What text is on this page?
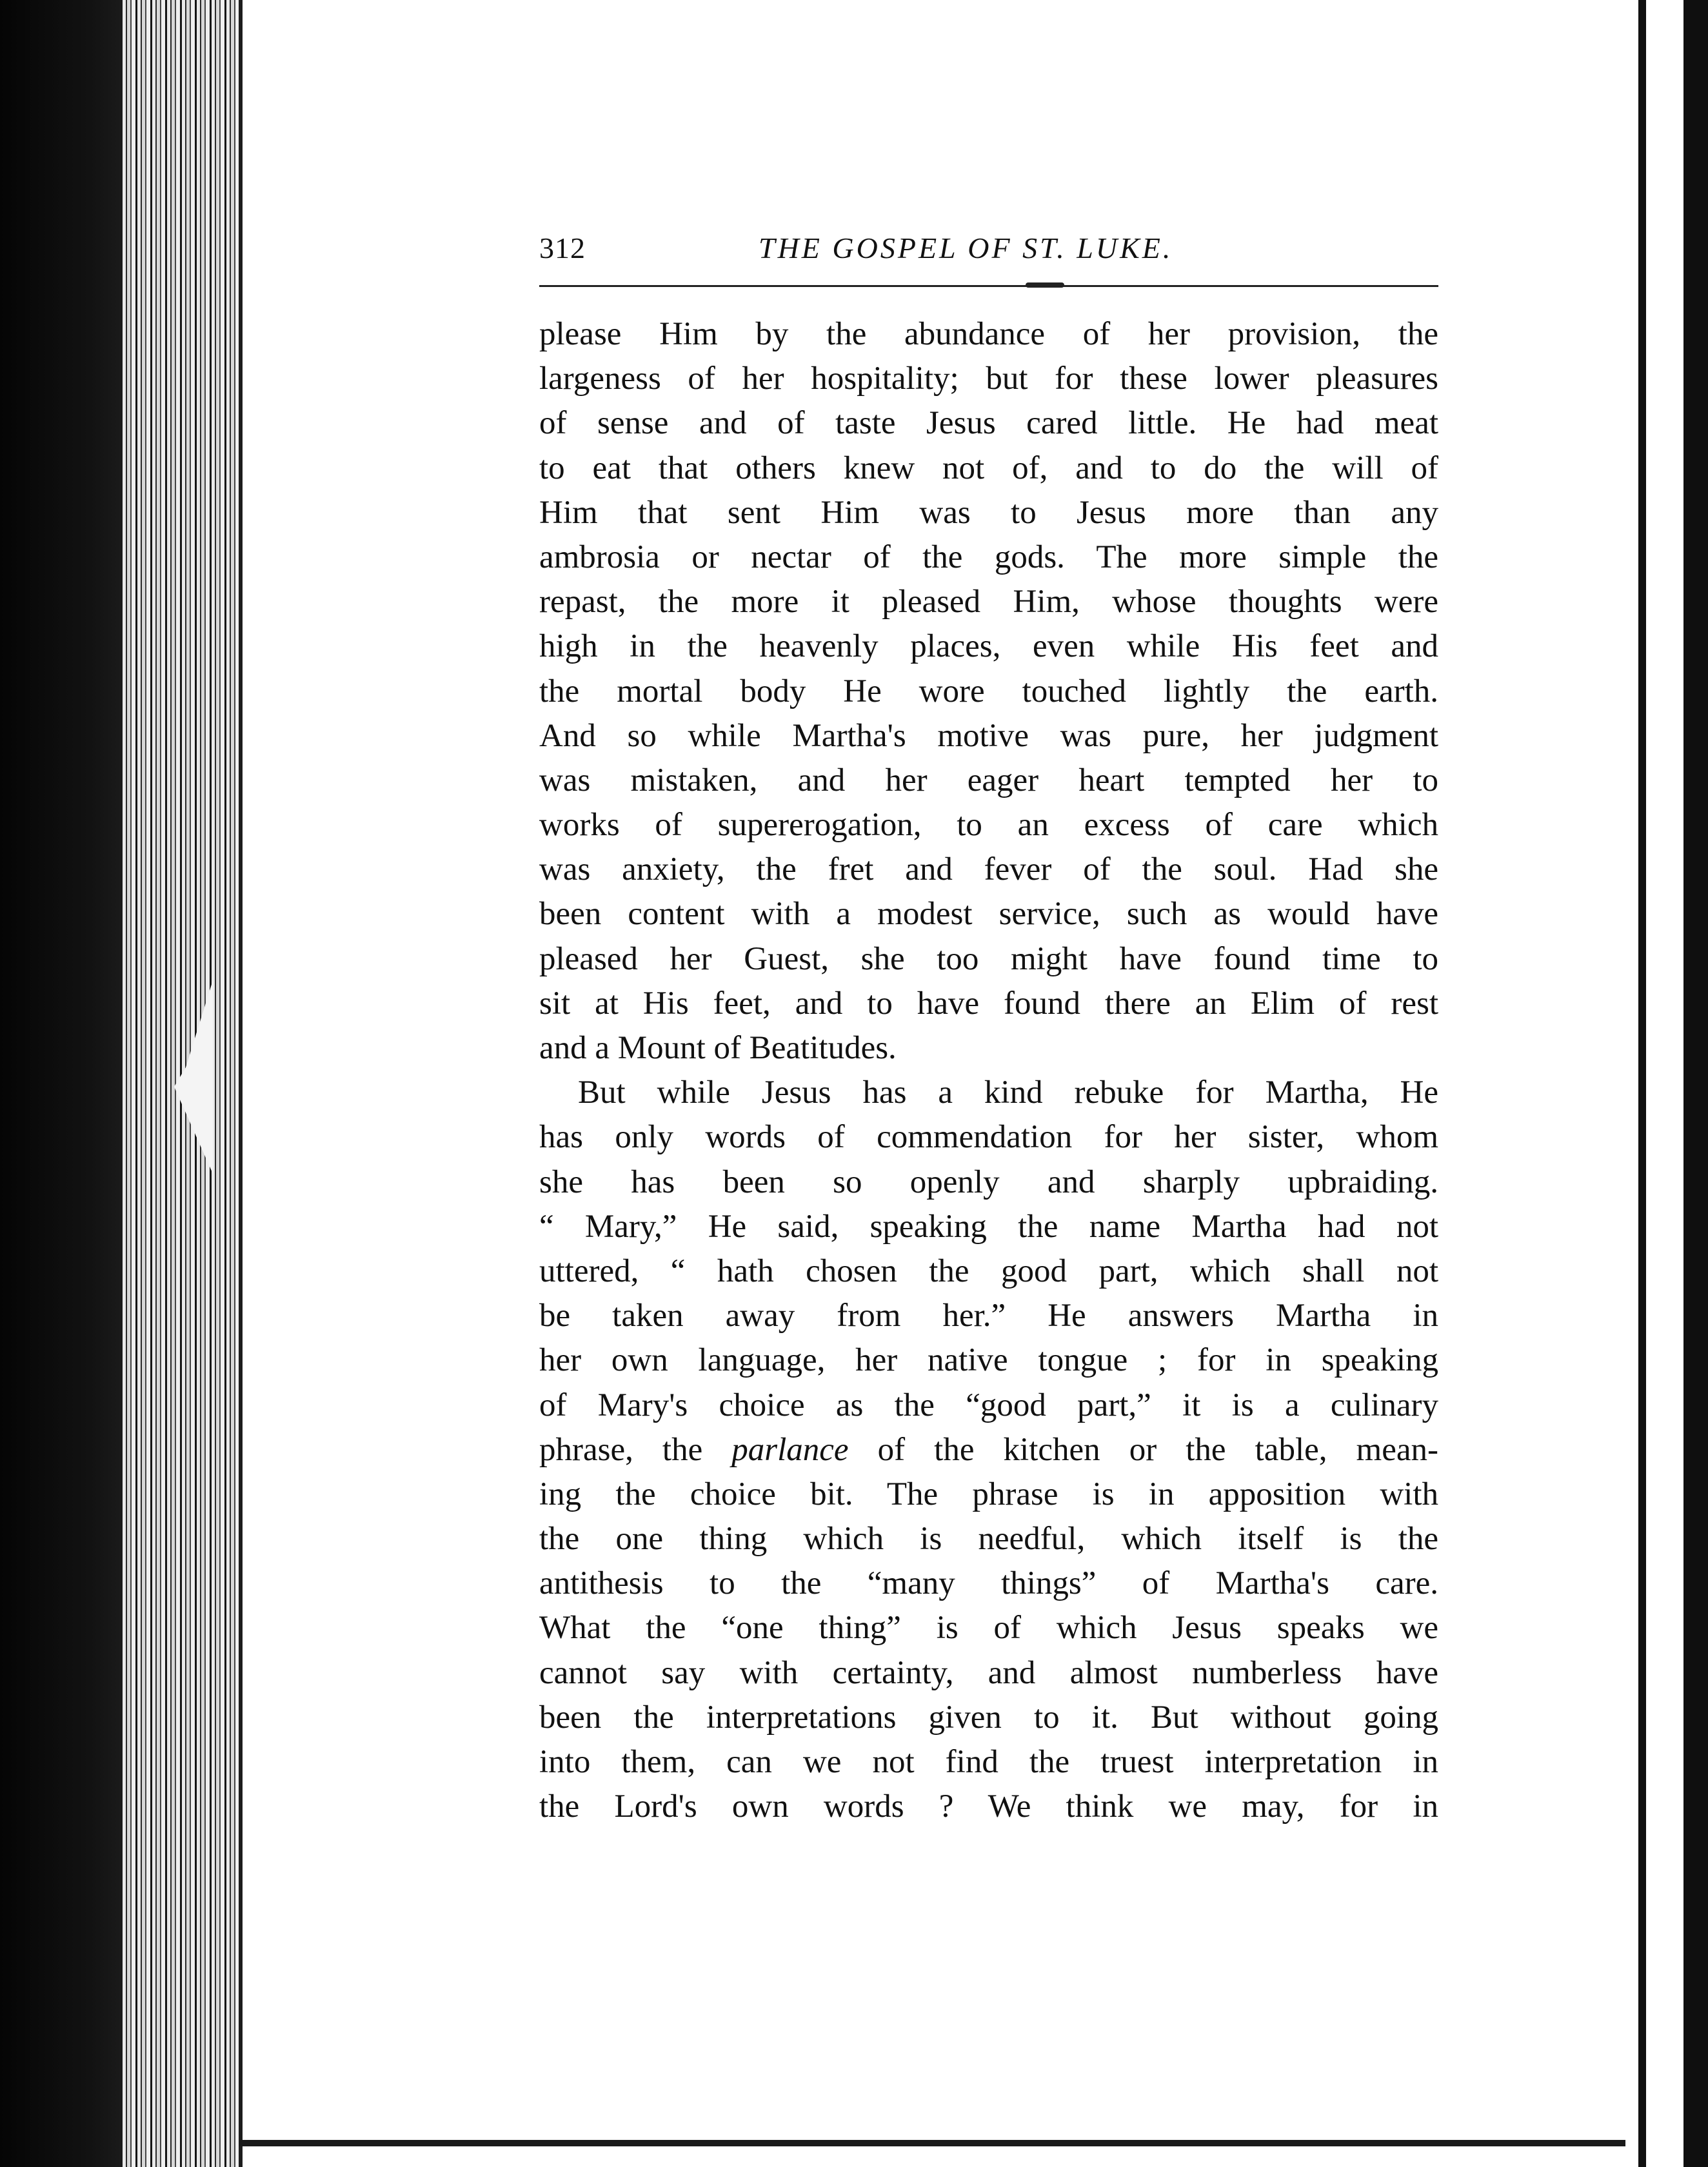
312	THE GOSPEL OF ST. LUKE.
please Him by the abundance of her provision, the
largeness of her hospitality; but for these lower pleasures
of sense and of taste Jesus cared little. He had meat
to eat that others knew not of, and to do the will of
Him that sent Him was to Jesus more than any
ambrosia or nectar of the gods. The more simple the
repast, the more it pleased Him, whose thoughts were
high in the heavenly places, even while His feet and
the mortal body He wore touched lightly the earth.
And so while Martha's motive was pure, her judgment
was mistaken, and her eager heart tempted her to
works of supererogation, to an excess of care which
was anxiety, the fret and fever of the soul. Had she
been content with a modest service, such as would have
pleased her Guest, she too might have found time to
sit at His feet, and to have found there an Elim of rest
and a Mount of Beatitudes.
But while Jesus has a kind rebuke for Martha, He
has only words of commendation for her sister, whom
she has been so openly and sharply upbraiding.
“ Mary,” He said, speaking the name Martha had not
uttered, “ hath chosen the good part, which shall not
be taken away from her.” He answers Martha in
her own language, her native tongue ; for in speaking
of Mary's choice as the “good part,” it is a culinary
phrase, the parlance of the kitchen or the table, mean-
ing the choice bit. The phrase is in apposition with
the one thing which is needful, which itself is the
antithesis to the “many things” of Martha's care.
What the “one thing” is of which Jesus speaks we
cannot say with certainty, and almost numberless have
been the interpretations given to it. But without going
into them, can we not find the truest interpretation in
the Lord's own words ? We think we may, for in
